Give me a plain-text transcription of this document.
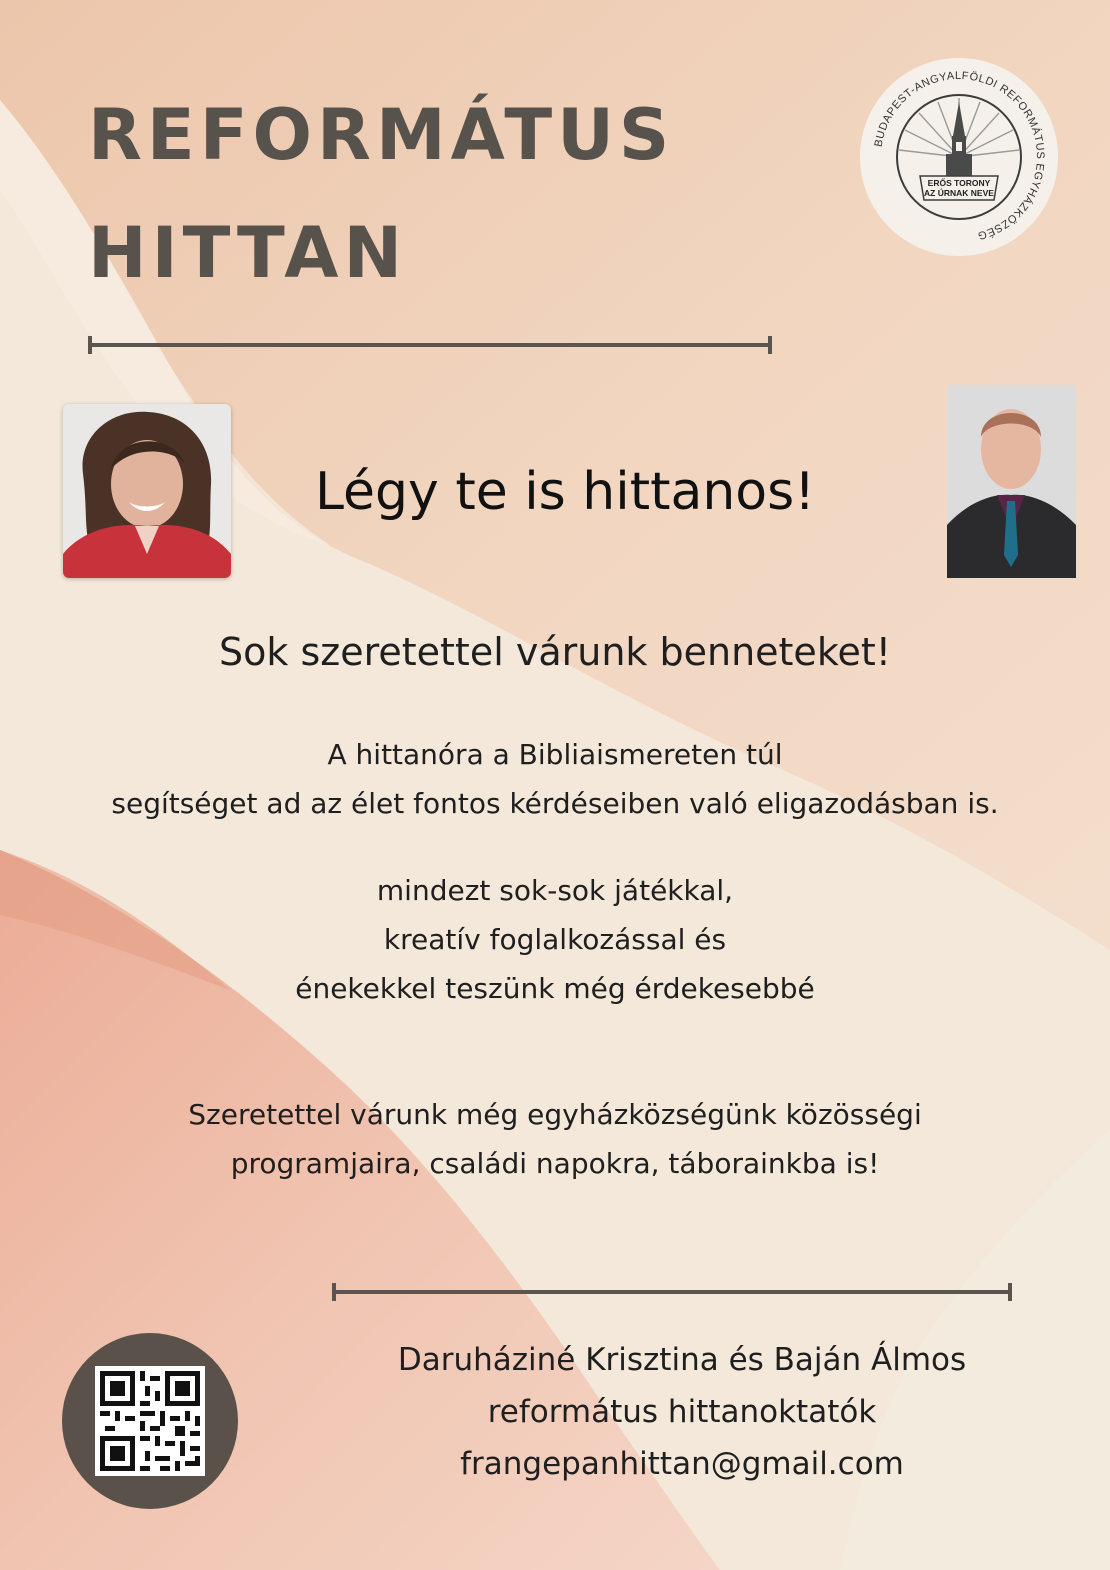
REFORMÁTUS
HITTAN
ERŐS TORONY
AZ ÚRNAK NEVE
BUDAPEST-ANGYALFÖLDI REFORMÁTUS EGYHÁZKÖZSÉG
Légy te is hittanos!
Sok szeretettel várunk benneteket!
A hittanóra a Bibliaismereten túl
segítséget ad az élet fontos kérdéseiben való eligazodásban is.
mindezt sok-sok játékkal,
kreatív foglalkozással és
énekekkel teszünk még érdekesebbé
Szeretettel várunk még egyházközségünk közösségi
programjaira, családi napokra, táborainkba is!
Daruháziné Krisztina és Baján Álmos
református hittanoktatók
frangepanhittan@gmail.com
